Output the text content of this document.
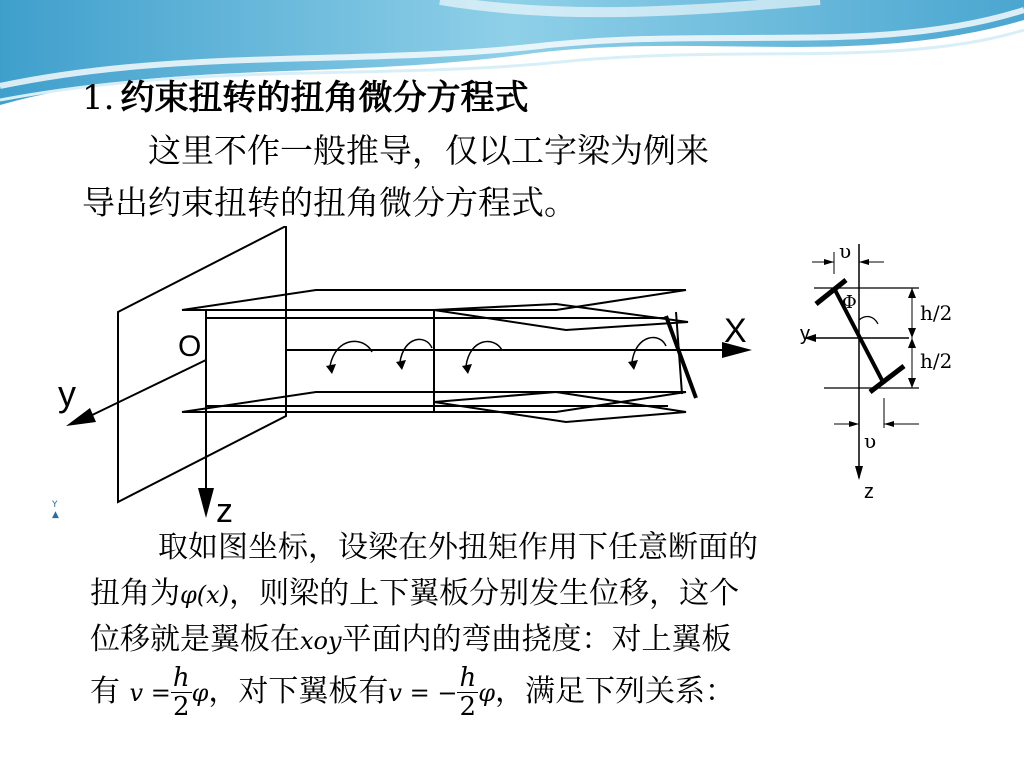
1. 约束扭转的扭角微分方程式
这里不作一般推导，仅以工字梁为例来
导出约束扭转的扭角微分方程式。
O	X
y
z
υ
υ
Φ
y
z
h/2
h/2
Y
▲
取如图坐标，设梁在外扭矩作用下任意断面的
扭角为φ(x)，则梁的上下翼板分别发生位移，这个
位移就是翼板在xoy平面内的弯曲挠度：对上翼板
有 $v = \frac{h}{2}$ φ，对下翼板有v = − $\frac{h}{2}$ φ，满足下列关系：
